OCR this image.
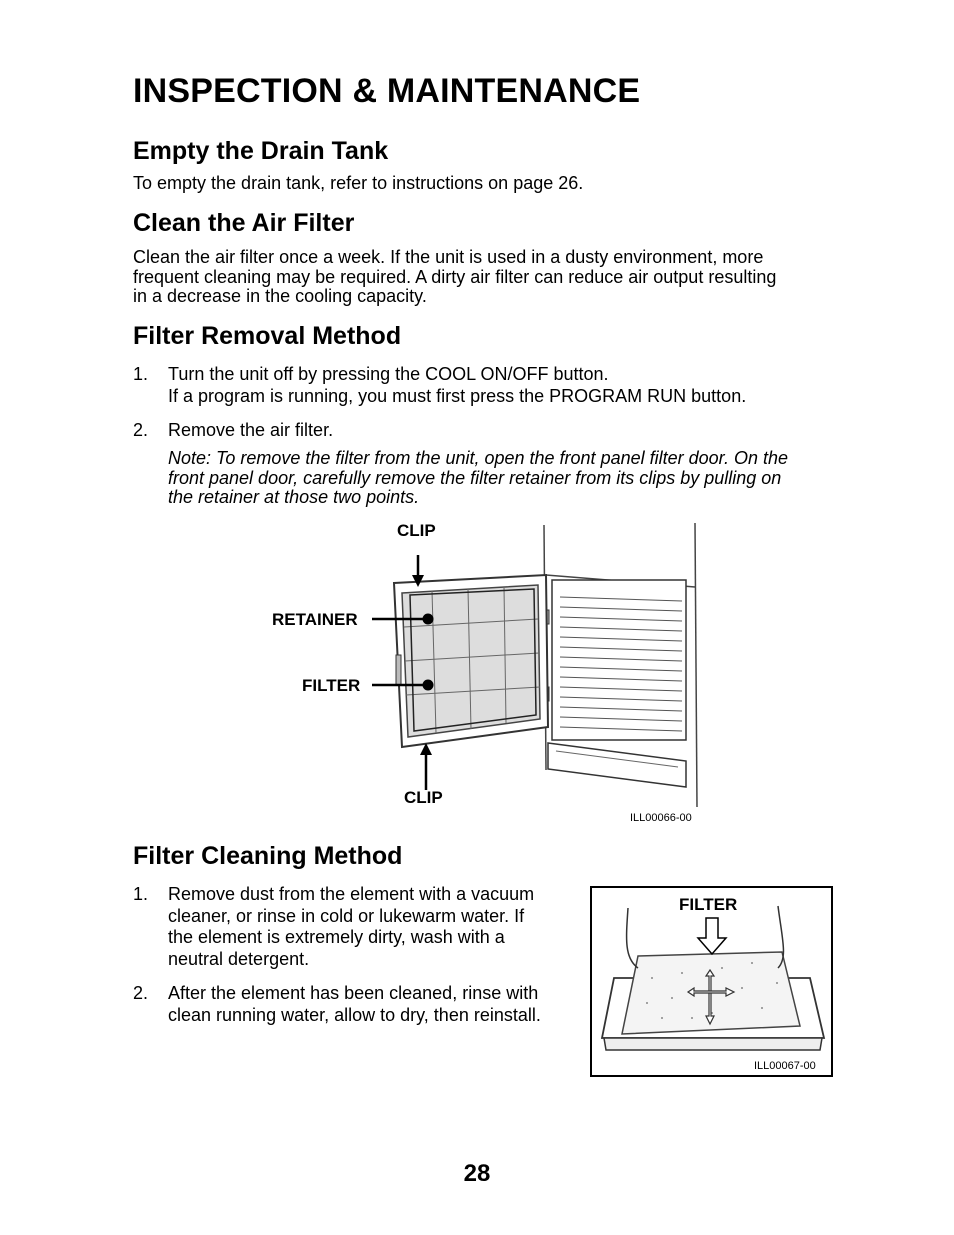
INSPECTION & MAINTENANCE
Empty the Drain Tank
To empty the drain tank, refer to instructions on page 26.
Clean the Air Filter
Clean the air filter once a week. If the unit is used in a dusty environment, more
frequent cleaning may be required. A dirty air filter can reduce air output resulting
in a decrease in the cooling capacity.
Filter Removal Method
1. Turn the unit off by pressing the COOL ON/OFF button.
If a program is running, you must first press the PROGRAM RUN button.
2. Remove the air filter.
Note: To remove the filter from the unit, open the front panel filter door. On the
front panel door, carefully remove the filter retainer from its clips by pulling on
the retainer at those two points.
CLIP
RETAINER
FILTER
CLIP
ILL00066-00
Filter Cleaning Method
1. Remove dust from the element with a vacuum
cleaner, or rinse in cold or lukewarm water. If
the element is extremely dirty, wash with a
neutral detergent.
2. After the element has been cleaned, rinse with
clean running water, allow to dry, then reinstall.
FILTER
ILL00067-00
28
